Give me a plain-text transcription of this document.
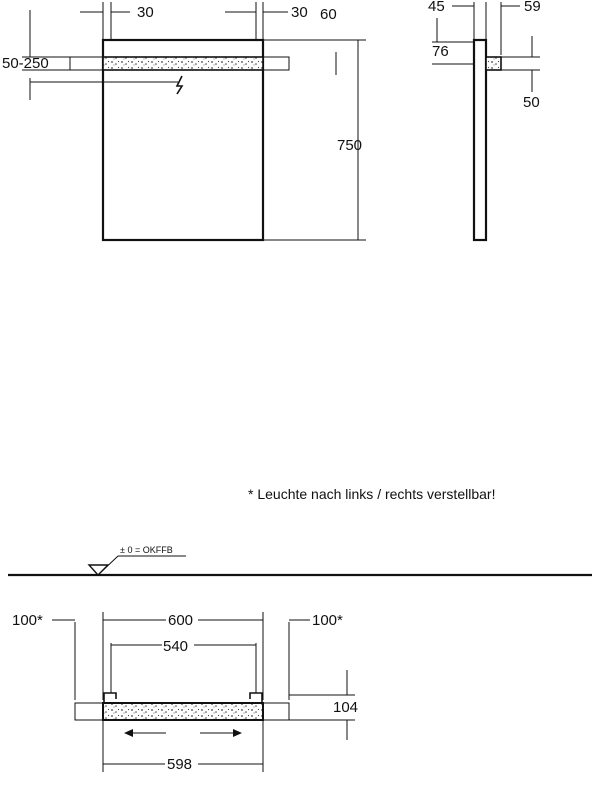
30	30 60
50-250
750
45	59
76
50
* Leuchte nach links / rechts verstellbar!
± 0 = OKFFB
100*	100*
600
540
104
598
